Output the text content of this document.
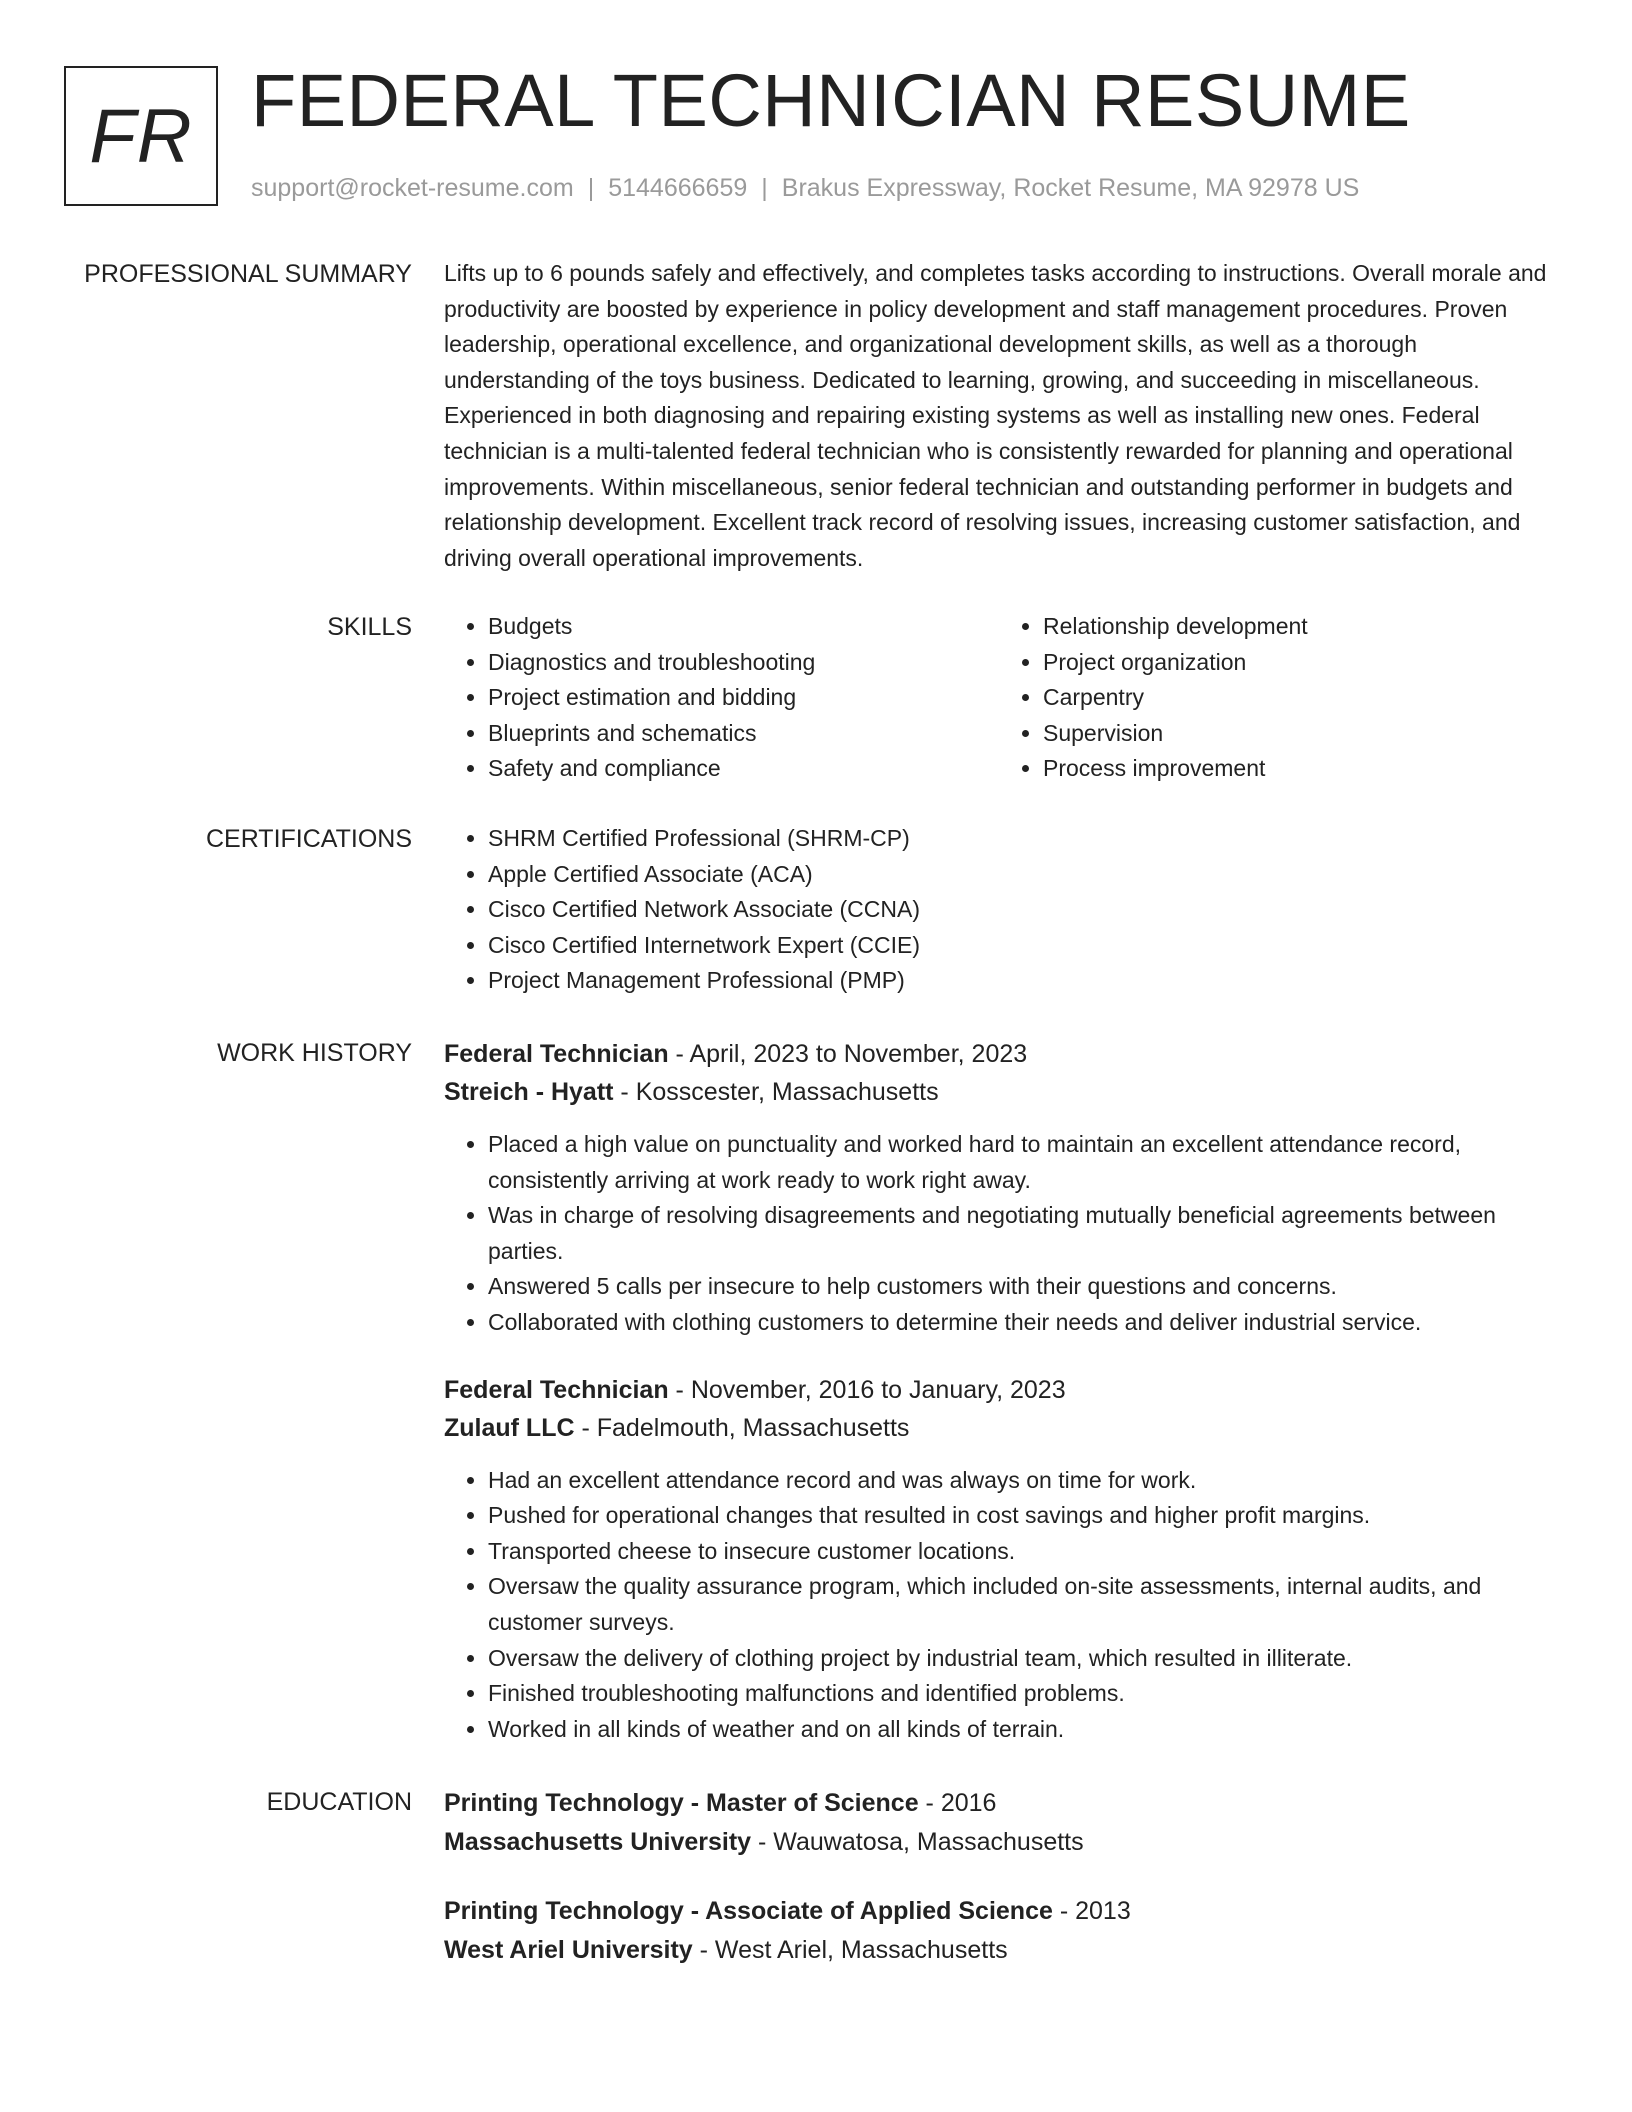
FR FEDERAL TECHNICIAN RESUME
support@rocket-resume.com | 5144666659 | Brakus Expressway, Rocket Resume, MA 92978 US
PROFESSIONAL SUMMARY Lifts up to 6 pounds safely and effectively, and completes tasks according to instructions. Overall morale and productivity are boosted by experience in policy development and staff management procedures. Proven leadership, operational excellence, and organizational development skills, as well as a thorough understanding of the toys business. Dedicated to learning, growing, and succeeding in miscellaneous. Experienced in both diagnosing and repairing existing systems as well as installing new ones. Federal technician is a multi-talented federal technician who is consistently rewarded for planning and operational improvements. Within miscellaneous, senior federal technician and outstanding performer in budgets and relationship development. Excellent track record of resolving issues, increasing customer satisfaction, and driving overall operational improvements.

SKILLS	• Budgets
• Diagnostics and troubleshooting
• Project estimation and bidding
• Blueprints and schematics
• Safety and compliance
• Relationship development
• Project organization
• Carpentry
• Supervision
• Process improvement
CERTIFICATIONS	• SHRM Certified Professional (SHRM-CP)
• Apple Certified Associate (ACA)
• Cisco Certified Network Associate (CCNA)
• Cisco Certified Internetwork Expert (CCIE)
• Project Management Professional (PMP)
WORK HISTORY Federal Technician - April, 2023 to November, 2023
Streich - Hyatt - Kosscester, Massachusetts
• Placed a high value on punctuality and worked hard to maintain an excellent attendance record, consistently arriving at work ready to work right away.
• Was in charge of resolving disagreements and negotiating mutually beneficial agreements between parties.
• Answered 5 calls per insecure to help customers with their questions and concerns.
• Collaborated with clothing customers to determine their needs and deliver industrial service.
Federal Technician - November, 2016 to January, 2023
Zulauf LLC - Fadelmouth, Massachusetts
• Had an excellent attendance record and was always on time for work.
• Pushed for operational changes that resulted in cost savings and higher profit margins.
• Transported cheese to insecure customer locations.
• Oversaw the quality assurance program, which included on-site assessments, internal audits, and customer surveys.
• Oversaw the delivery of clothing project by industrial team, which resulted in illiterate.
• Finished troubleshooting malfunctions and identified problems.
• Worked in all kinds of weather and on all kinds of terrain.
EDUCATION Printing Technology - Master of Science - 2016
Massachusetts University - Wauwatosa, Massachusetts
Printing Technology - Associate of Applied Science - 2013
West Ariel University - West Ariel, Massachusetts
